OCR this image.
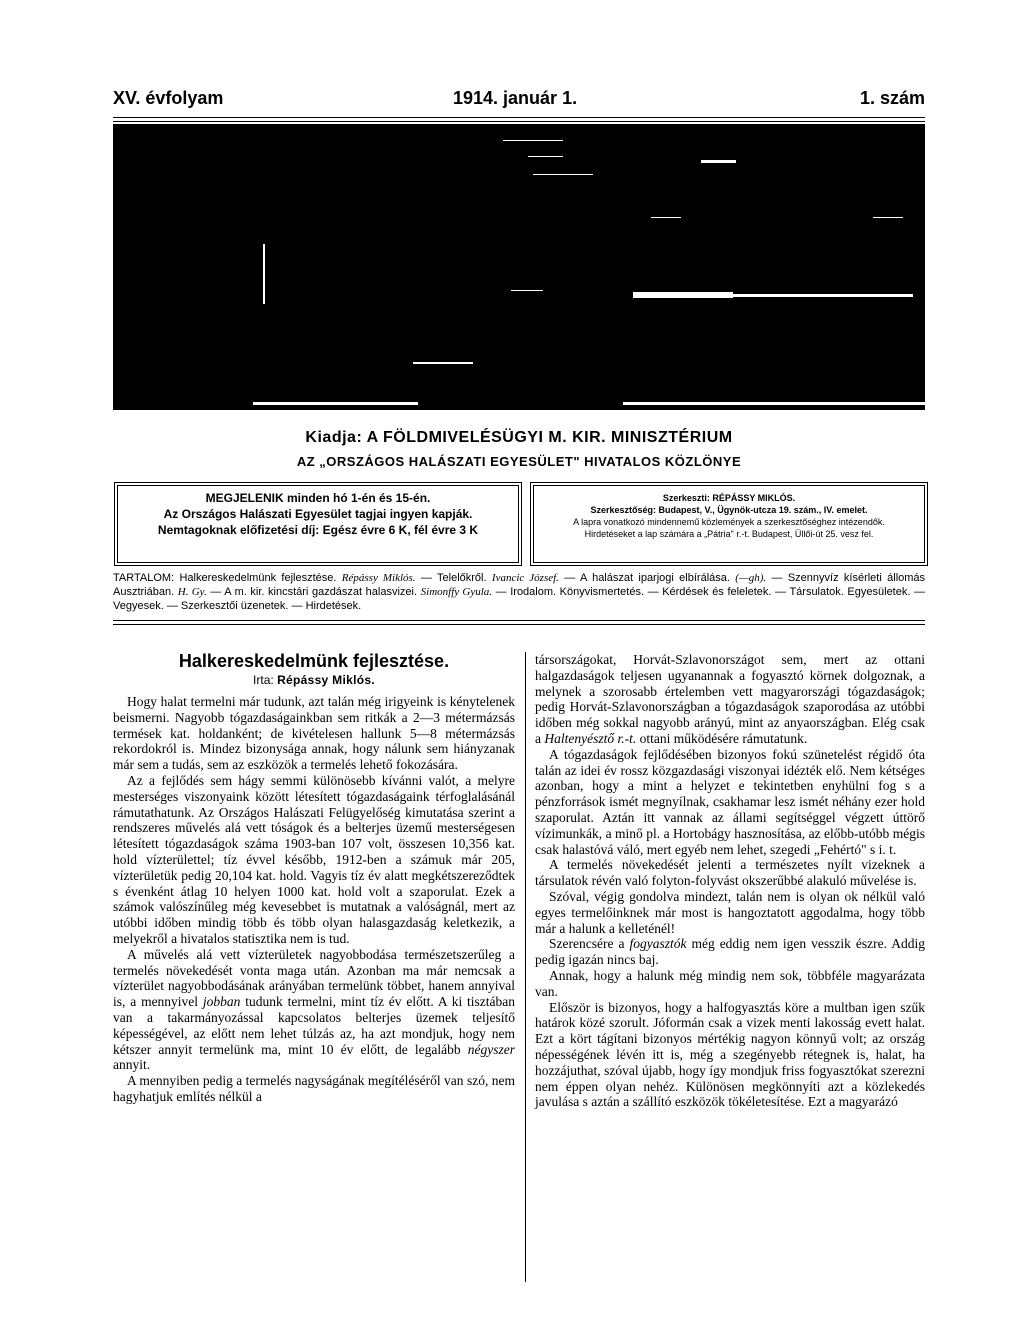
XV. évfolyam	1914. január 1.	1. szám
Kiadja: A FÖLDMIVELÉSÜGYI M. KIR. MINISZTÉRIUM
AZ „ORSZÁGOS HALÁSZATI EGYESÜLET" HIVATALOS KÖZLÖNYE
MEGJELENIK minden hó 1-én és 15-én.
Az Országos Halászati Egyesület tagjai ingyen kapják.
Nemtagoknak előfizetési díj: Egész évre 6 K, fél évre 3 K
Szerkeszti: RÉPÁSSY MIKLÓS.
Szerkesztőség: Budapest, V., Ügynök-utcza 19. szám., IV. emelet.
A lapra vonatkozó mindennemű közlemények a szerkesztőséghez intézendők.
Hirdetéseket a lap számára a „Pátria" r.-t. Budapest, Üllői-út 25. vesz fel.
TARTALOM: Halkereskedelmünk fejlesztése. Répássy Miklós. — Telelőkről. Ivancic József. — A halászat iparjogi elbírálása. (—gh). — Szennyvíz kísérleti állomás Ausztriában. H. Gy. — A m. kir. kincstári gazdászat halasvizei. Simonffy Gyula. — Irodalom. Könyvismertetés. — Kérdések és feleletek. — Társulatok. Egyesületek. — Vegyesek. — Szerkesztői üzenetek. — Hirdetések.
Halkereskedelmünk fejlesztése.
Irta: Répássy Miklós.

Hogy halat termelni már tudunk, azt talán még irigyeink is kénytelenek beismerni. Nagyobb tógazdaságainkban sem ritkák a 2—3 métermázsás termések kat. holdanként; de kivételesen hallunk 5—8 métermázsás rekordokról is. Mindez bizonysága annak, hogy nálunk sem hiányzanak már sem a tudás, sem az eszközök a termelés lehető fokozására.

Az a fejlődés sem hágy semmi különösebb kívánni valót, a melyre mesterséges viszonyaink között létesített tógazdaságaink térfoglalásánál rámutathatunk. Az Országos Halászati Felügyelőség kimutatása szerint a rendszeres művelés alá vett tóságok és a belterjes üzemű mesterségesen létesített tógazdaságok száma 1903-ban 107 volt, összesen 10,356 kat. hold vízterülettel; tíz évvel később, 1912-ben a számuk már 205, vízterületük pedig 20,104 kat. hold. Vagyis tíz év alatt megkétszereződtek s évenként átlag 10 helyen 1000 kat. hold volt a szaporulat. Ezek a számok valószínűleg még kevesebbet is mutatnak a valóságnál, mert az utóbbi időben mindig több és több olyan halasgazdaság keletkezik, a melyekről a hivatalos statisztika nem is tud.

A művelés alá vett vízterületek nagyobbodása természetszerűleg a termelés növekedését vonta maga után. Azonban ma már nemcsak a vízterület nagyobbodásának arányában termelünk többet, hanem annyival is, a mennyivel jobban tudunk termelni, mint tíz év előtt. A ki tisztában van a takarmányozással kapcsolatos belterjes üzemek teljesítő képességével, az előtt nem lehet túlzás az, ha azt mondjuk, hogy nem kétszer annyit termelünk ma, mint 10 év előtt, de legalább négyszer annyit.

A mennyiben pedig a termelés nagyságának megítéléséről van szó, nem hagyhatjuk említés nélkül a

társországokat, Horvát-Szlavonországot sem, mert az ottani halgazdaságok teljesen ugyanannak a fogyasztó körnek dolgoznak, a melynek a szorosabb értelemben vett magyarországi tógazdaságok; pedig Horvát-Szlavonországban a tógazdaságok szaporodása az utóbbi időben még sokkal nagyobb arányú, mint az anyaországban. Elég csak a Haltenyésztő r.-t. ottani működésére rámutatunk.

A tógazdaságok fejlődésében bizonyos fokú szünetelést régidő óta talán az idei év rossz közgazdasági viszonyai idézték elő. Nem kétséges azonban, hogy a mint a helyzet e tekintetben enyhülni fog s a pénzforrások ismét megnyílnak, csakhamar lesz ismét néhány ezer hold szaporulat. Aztán itt vannak az állami segítséggel végzett úttörő vízimunkák, a minő pl. a Hortobágy hasznosítása, az előbb-utóbb mégis csak halastóvá váló, mert egyéb nem lehet, szegedi „Fehértó" s i. t.

A termelés növekedését jelenti a természetes nyílt vizeknek a társulatok révén való folyton-folyvást okszerűbbé alakuló művelése is.

Szóval, végig gondolva mindezt, talán nem is olyan ok nélkül való egyes termelőinknek már most is hangoztatott aggodalma, hogy több már a halunk a kelleténél!

Szerencsére a fogyasztók még eddig nem igen vesszik észre. Addig pedig igazán nincs baj.

Annak, hogy a halunk még mindig nem sok, többféle magyarázata van.

Először is bizonyos, hogy a halfogyasztás köre a multban igen szűk határok közé szorult. Jóformán csak a vizek menti lakosság evett halat. Ezt a kört tágítani bizonyos mértékig nagyon könnyű volt; az ország népességének lévén itt is, még a szegényebb rétegnek is, halat, ha hozzájuthat, szóval újabb, hogy így mondjuk friss fogyasztókat szerezni nem éppen olyan nehéz. Különösen megkönnyíti azt a közlekedés javulása s aztán a szállító eszközök tökéletesítése. Ezt a magyarázó
